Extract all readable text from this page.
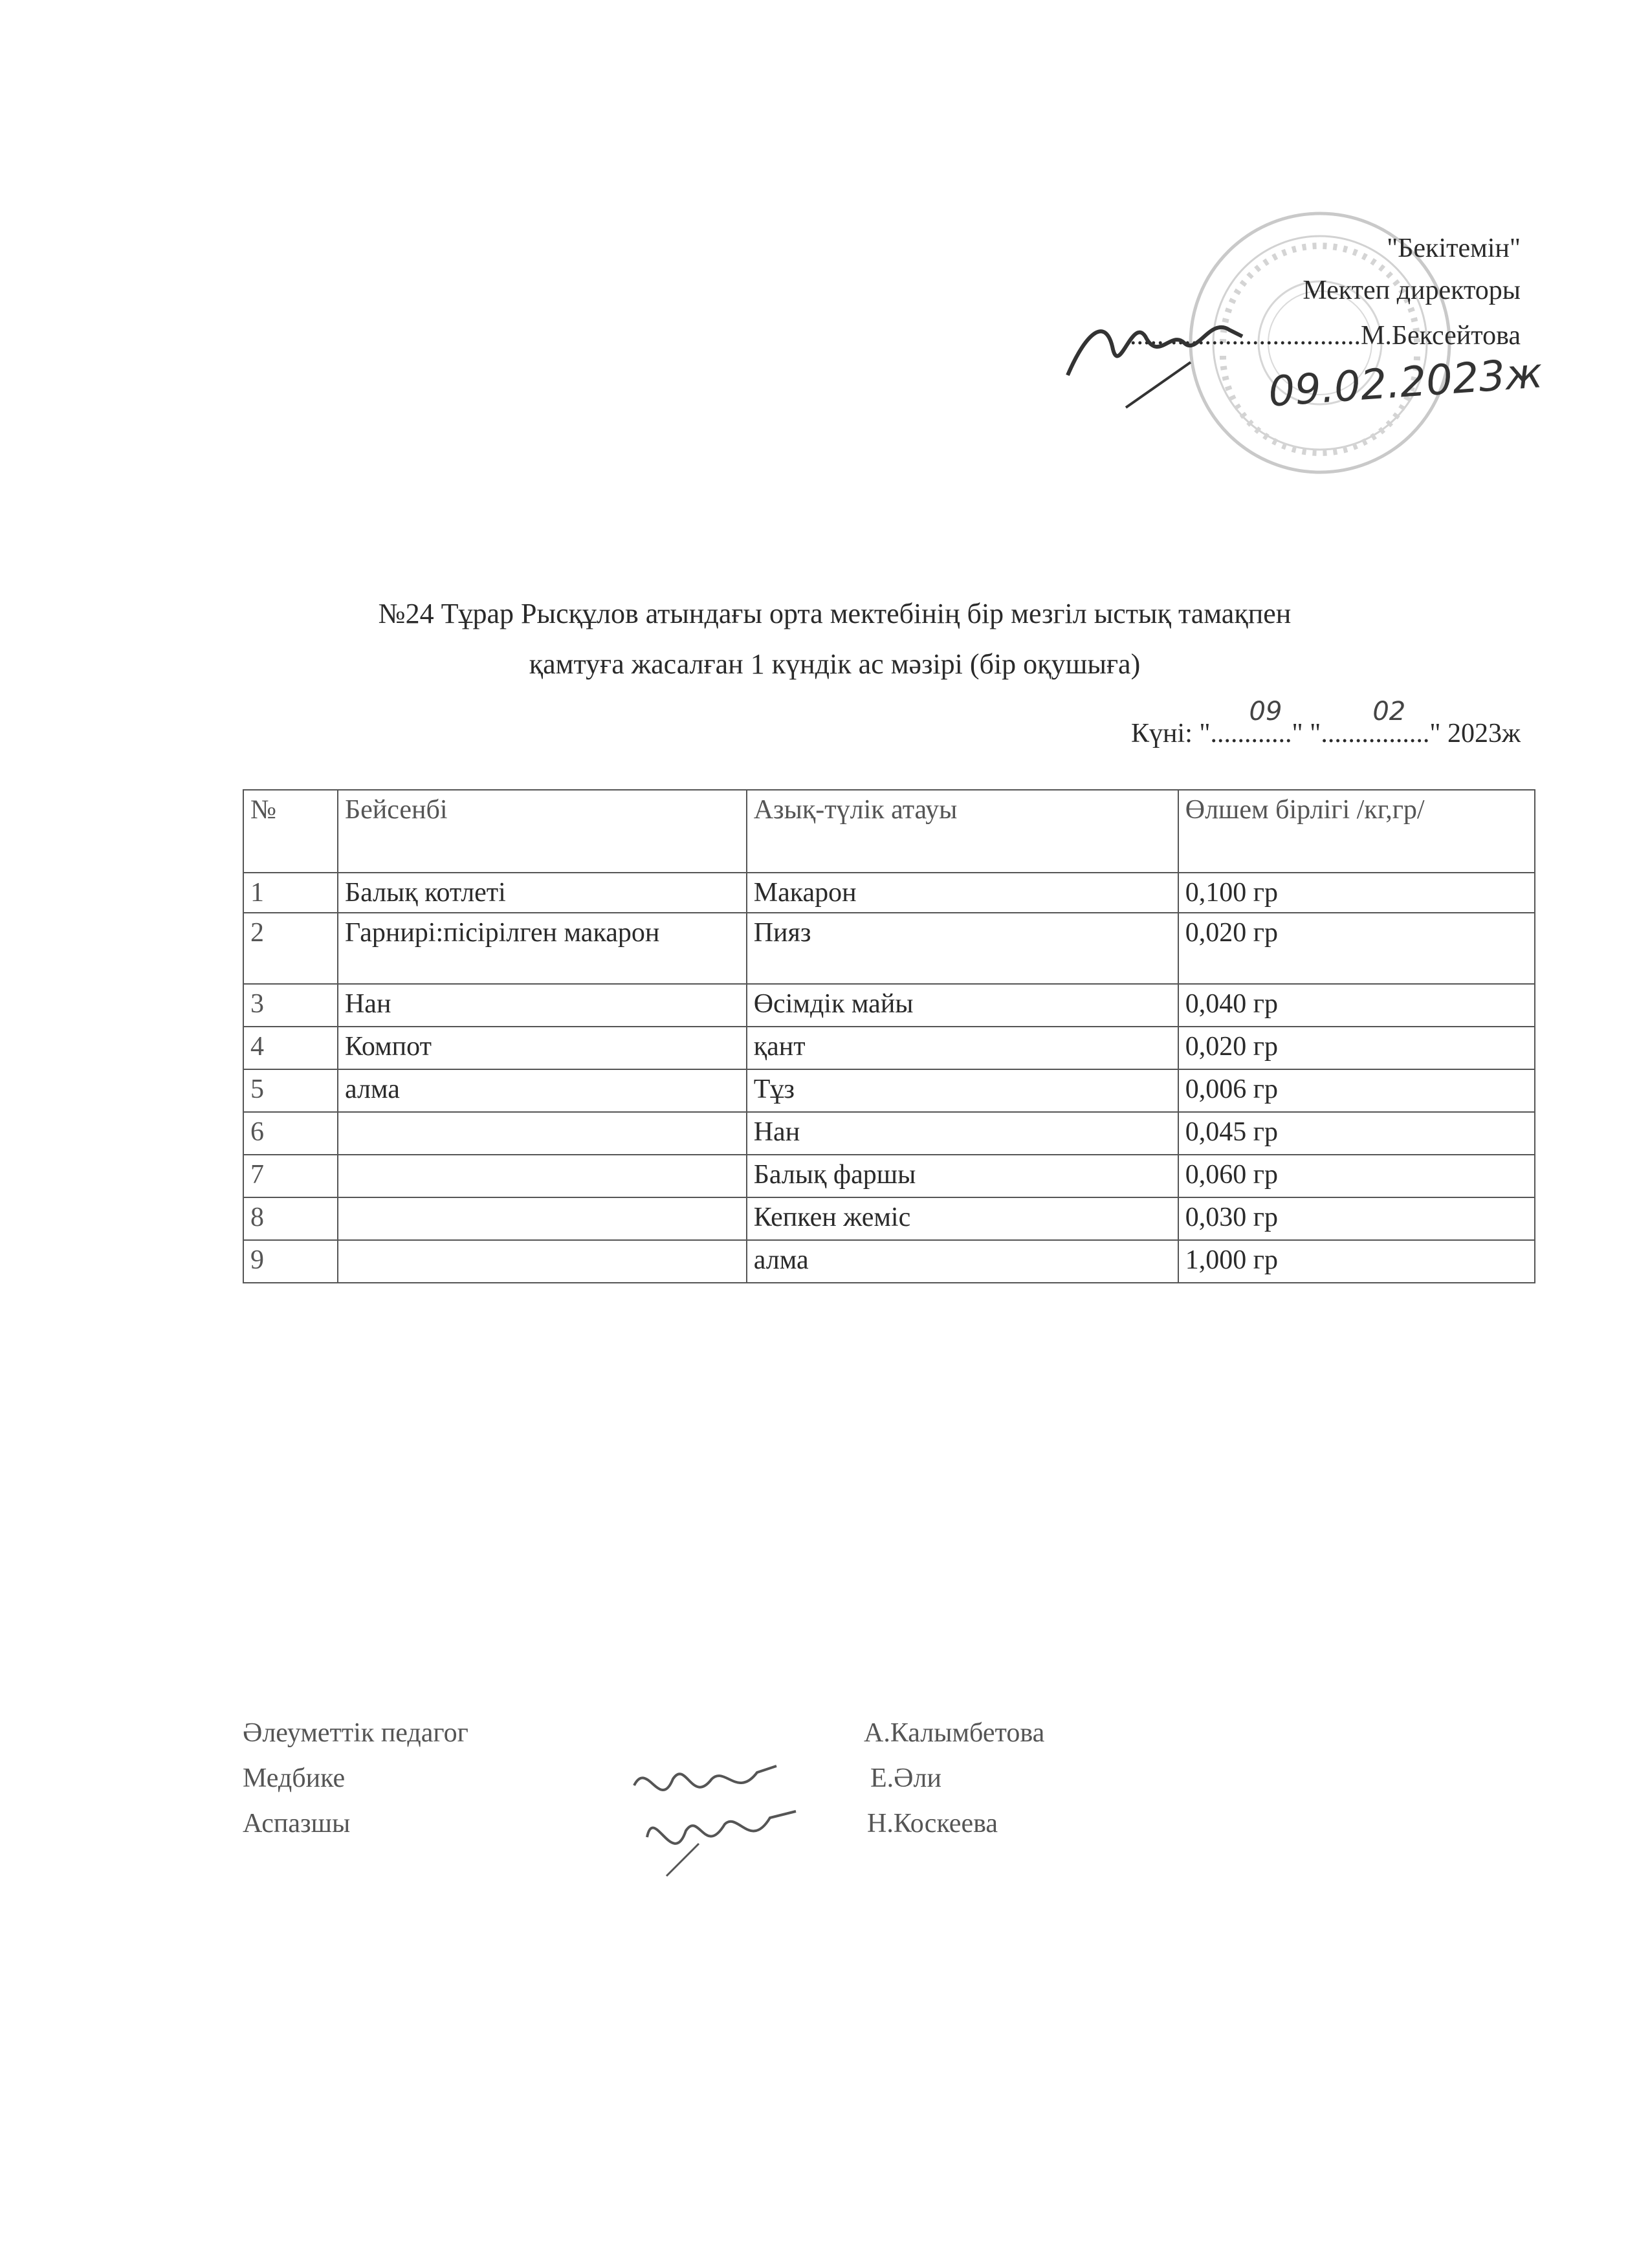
"Бекітемін"
Мектеп директоры
..................................М.Бексейтова
09.02.2023ж
№24 Тұрар Рысқұлов атындағы орта мектебінің бір мезгіл ыстық тамақпен
қамтуға жасалған 1 күндік ас мәзірі (бір оқушыға)
Күні: "............
09
" "................
02
" 2023ж
№	Бейсенбі	Азық-түлік атауы	Өлшем бірлігі /кг,гр/
1	Балық котлеті	Макарон	0,100 гр
2	Гарнирі:пісірілген макарон	Пияз	0,020 гр
3	Нан	Өсімдік майы	0,040 гр
4	Компот	қант	0,020 гр
5	алма	Тұз	0,006 гр
6		Нан	0,045 гр
7		Балық фаршы	0,060 гр
8		Кепкен жеміс	0,030 гр
9		алма	1,000 гр
Әлеуметтік педагог	А.Калымбетова
Медбике	Е.Әли
Аспазшы	Н.Коскеева
